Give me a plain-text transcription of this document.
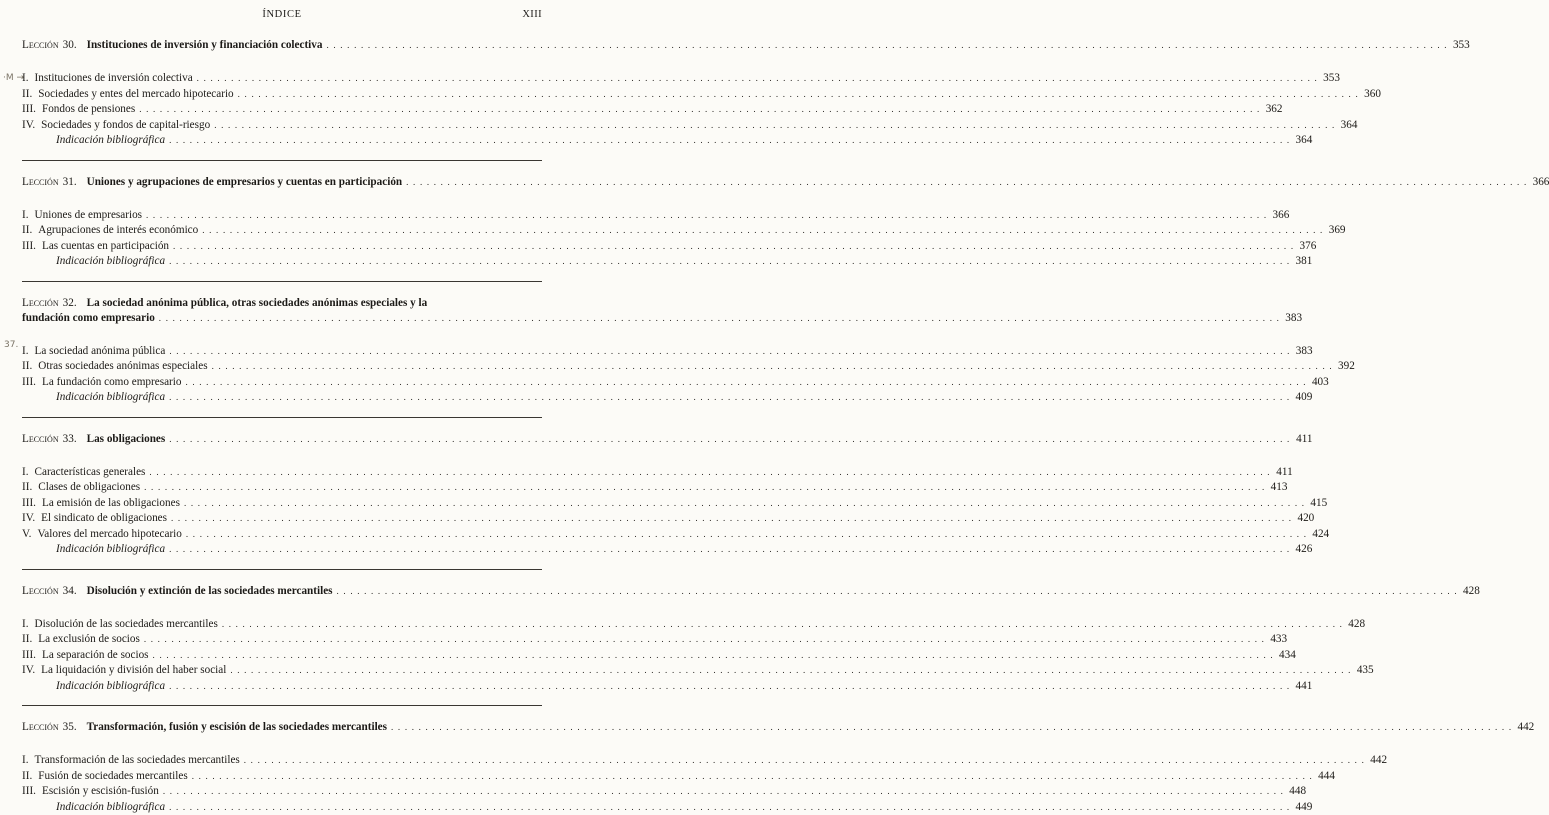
ÍNDICE	XIII
·M →
37.
Lección 30. Instituciones de inversión y financiación colectiva . . .	353
I. Instituciones de inversión colectiva . . .	353
II. Sociedades y entes del mercado hipotecario . . .	360
III. Fondos de pensiones . . .	362
IV. Sociedades y fondos de capital-riesgo . . .	364
Indicación bibliográfica . . .	364
Lección 31. Uniones y agrupaciones de empresarios y cuentas en participación . . .	366
I. Uniones de empresarios . . .	366
II. Agrupaciones de interés económico . . .	369
III. Las cuentas en participación . . .	376
Indicación bibliográfica . . .	381
Lección 32. La sociedad anónima pública, otras sociedades anónimas especiales y la
fundación como empresario . . .	383
I. La sociedad anónima pública . . .	383
II. Otras sociedades anónimas especiales . . .	392
III. La fundación como empresario . . .	403
Indicación bibliográfica . . .	409
Lección 33. Las obligaciones . . .	411
I. Características generales . . .	411
II. Clases de obligaciones . . .	413
III. La emisión de las obligaciones . . .	415
IV. El sindicato de obligaciones . . .	420
V. Valores del mercado hipotecario . . .	424
Indicación bibliográfica . . .	426
Lección 34. Disolución y extinción de las sociedades mercantiles . . .	428
I. Disolución de las sociedades mercantiles . . .	428
II. La exclusión de socios . . .	433
III. La separación de socios . . .	434
IV. La liquidación y división del haber social . . .	435
Indicación bibliográfica . . .	441
Lección 35. Transformación, fusión y escisión de las sociedades mercantiles . . .	442
I. Transformación de las sociedades mercantiles . . .	442
II. Fusión de sociedades mercantiles . . .	444
III. Escisión y escisión-fusión . . .	448
Indicación bibliográfica . . .	449
